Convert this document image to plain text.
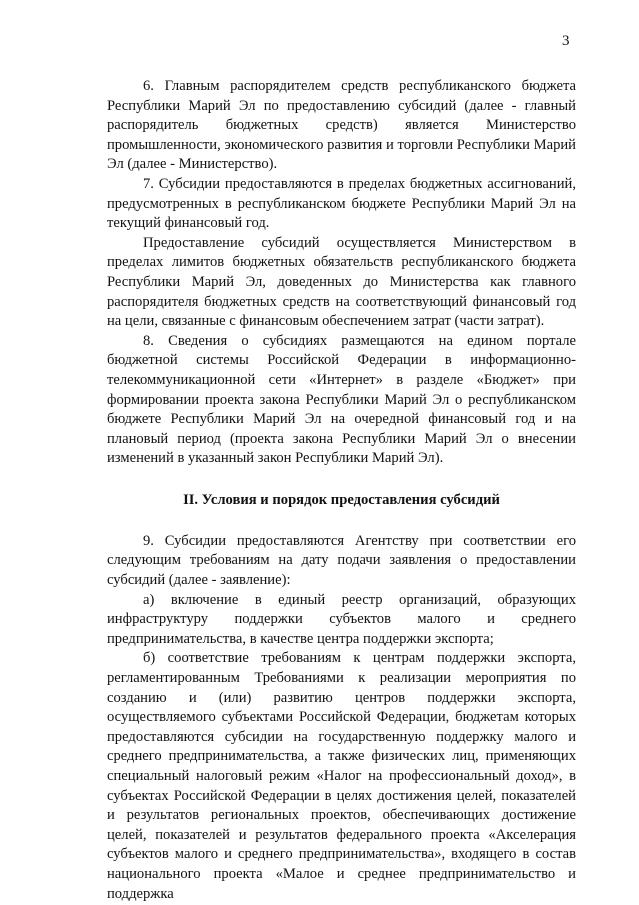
3

6. Главным распорядителем средств республиканского бюджета Республики Марий Эл по предоставлению субсидий (далее - главный распорядитель бюджетных средств) является Министерство промышленности, экономического развития и торговли Республики Марий Эл (далее - Министерство).

7. Субсидии предоставляются в пределах бюджетных ассигнований, предусмотренных в республиканском бюджете Республики Марий Эл на текущий финансовый год.

Предоставление субсидий осуществляется Министерством в пределах лимитов бюджетных обязательств республиканского бюджета Республики Марий Эл, доведенных до Министерства как главного распорядителя бюджетных средств на соответствующий финансовый год на цели, связанные с финансовым обеспечением затрат (части затрат).

8. Сведения о субсидиях размещаются на едином портале бюджетной системы Российской Федерации в информационно-телекоммуникационной сети «Интернет» в разделе «Бюджет» при формировании проекта закона Республики Марий Эл о республиканском бюджете Республики Марий Эл на очередной финансовый год и на плановый период (проекта закона Республики Марий Эл о внесении изменений в указанный закон Республики Марий Эл).

II. Условия и порядок предоставления субсидий

9. Субсидии предоставляются Агентству при соответствии его следующим требованиям на дату подачи заявления о предоставлении субсидий (далее - заявление):

а) включение в единый реестр организаций, образующих инфраструктуру поддержки субъектов малого и среднего предпринимательства, в качестве центра поддержки экспорта;

б) соответствие требованиям к центрам поддержки экспорта, регламентированным Требованиями к реализации мероприятия по созданию и (или) развитию центров поддержки экспорта, осуществляемого субъектами Российской Федерации, бюджетам которых предоставляются субсидии на государственную поддержку малого и среднего предпринимательства, а также физических лиц, применяющих специальный налоговый режим «Налог на профессиональный доход», в субъектах Российской Федерации в целях достижения целей, показателей и результатов региональных проектов, обеспечивающих достижение целей, показателей и результатов федерального проекта «Акселерация субъектов малого и среднего предпринимательства», входящего в состав национального проекта «Малое и среднее предпринимательство и поддержка
